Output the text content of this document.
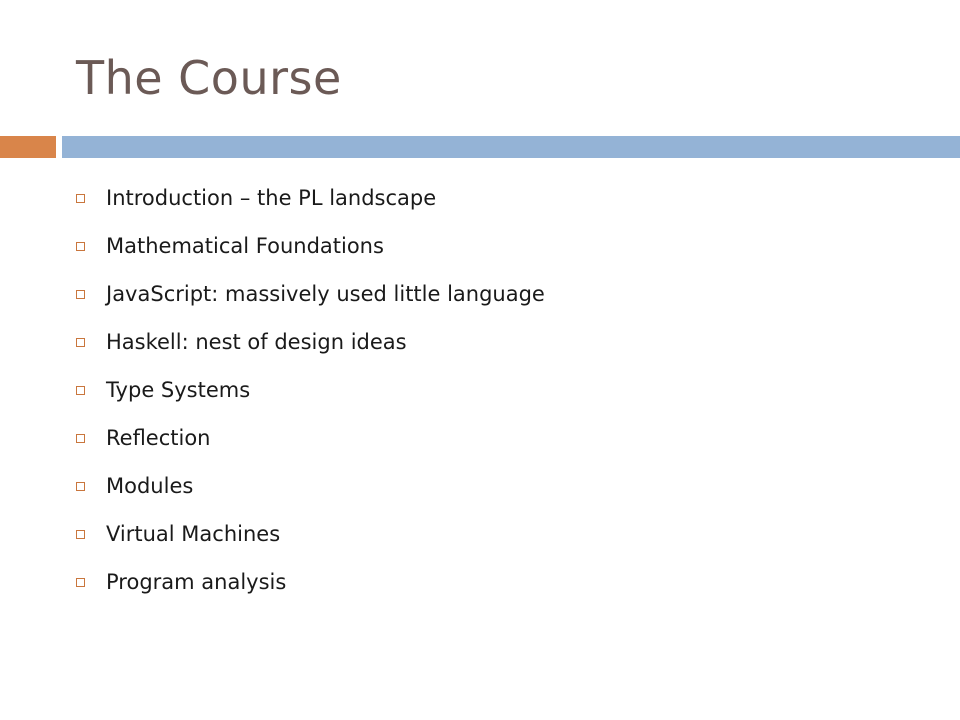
The Course
Introduction – the PL landscape
Mathematical Foundations
JavaScript: massively used little language
Haskell: nest of design ideas
Type Systems
Reflection
Modules
Virtual Machines
Program analysis
